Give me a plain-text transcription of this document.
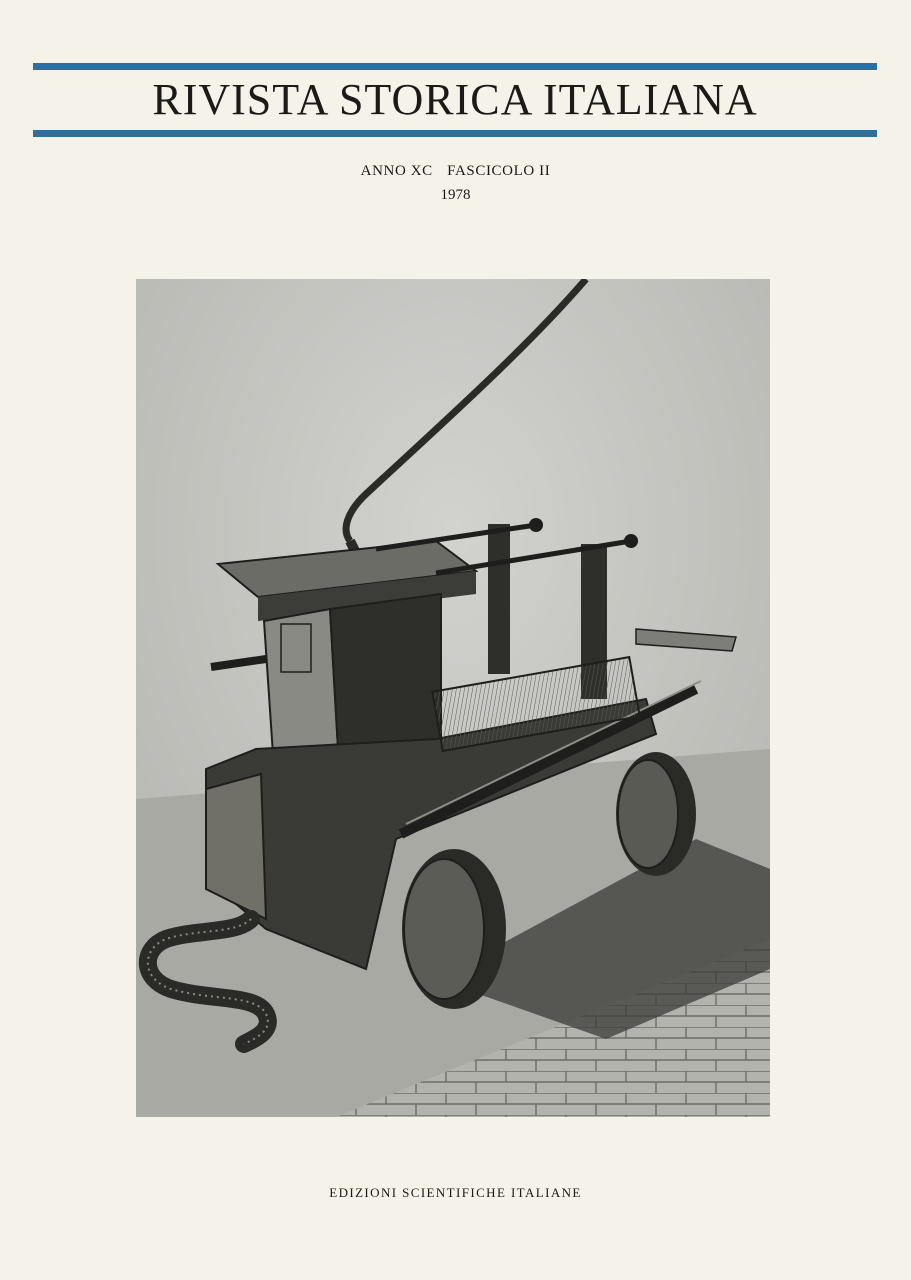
RIVISTA STORICA ITALIANA
ANNO XC FASCICOLO II
1978
EDIZIONI SCIENTIFICHE ITALIANE
